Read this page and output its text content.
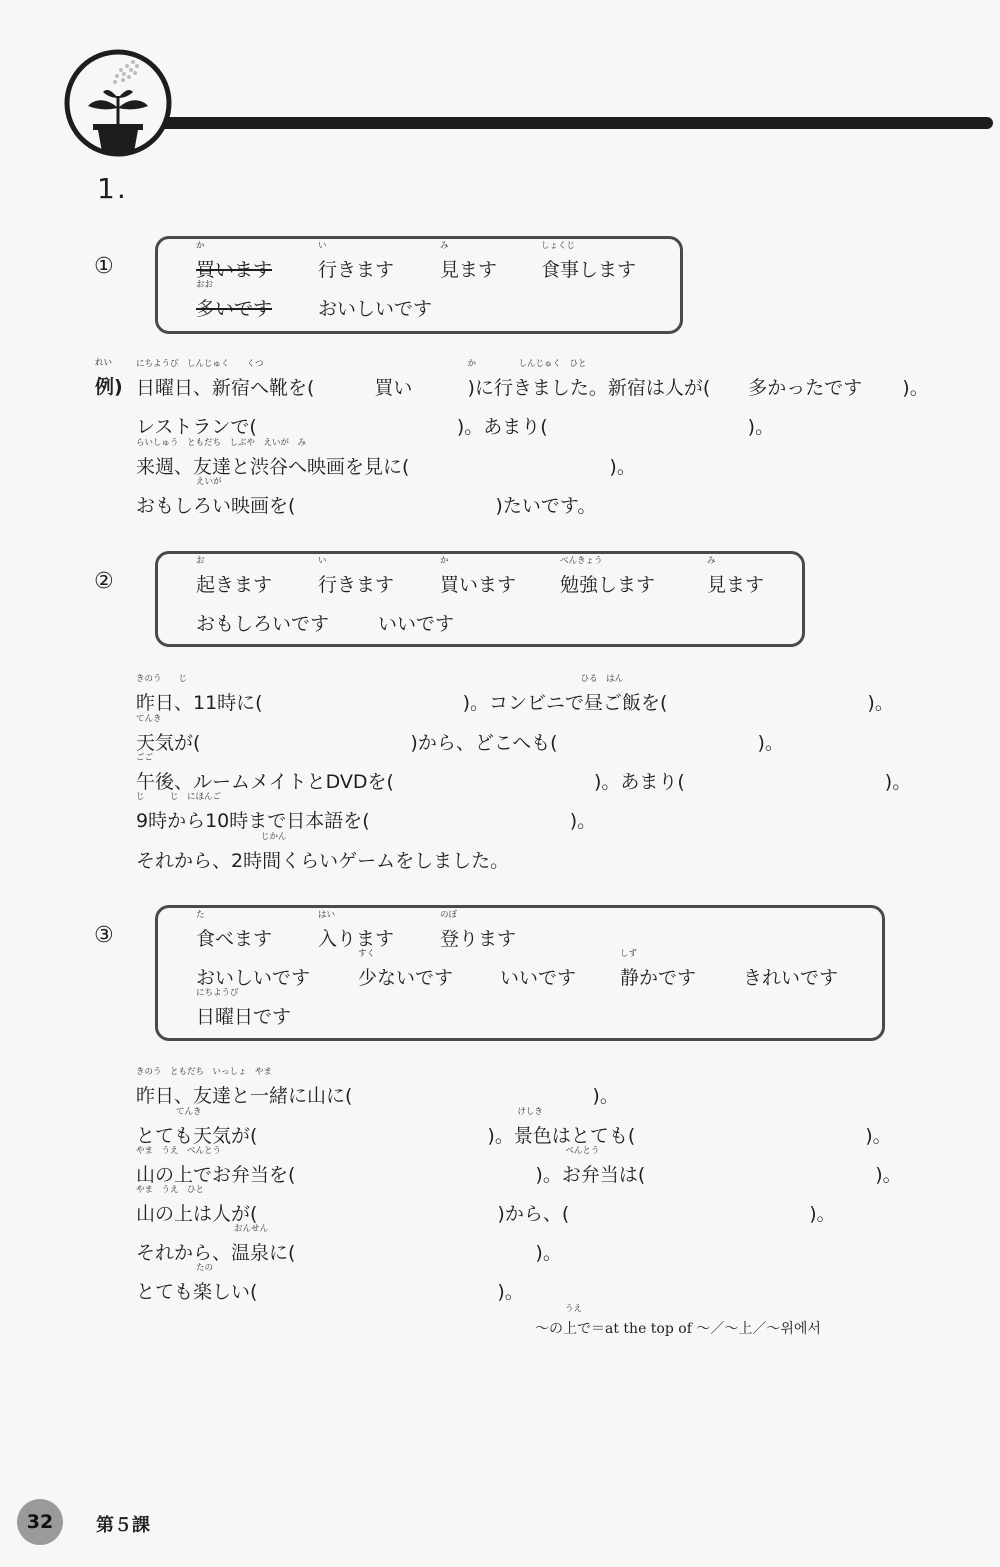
1.
①
か
買います
い
行きます
み
見ます
しょくじ
食事します
おお
多いです おいしいです
れい
例)
にちようび　しんじゅく　　くつ
日曜日、新宿へ靴を(	買い
か　　　　　しんじゅく　ひと
)に行きました。新宿は人が( 多かったです )。
レストランで(	)。あまり(	)。
らいしゅう　ともだち　しぶや　えいが　み
来週、友達と渋谷へ映画を見に(	)。
えいが
おもしろい映画を(	)たいです。
②
お
起きます
い
行きます
か
買います
べんきょう
勉強します
み
見ます
おもしろいです	いいです
きのう　　じ
昨日、11時に(
ひる　はん
)。コンビニで昼ご飯を(	)。
てんき
天気が(	)から、どこへも(	)。
ごご
午後、ルームメイトとDVDを(	)。あまり(	)。
じ　　　じ　にほんご
9時から10時まで日本語を(	)。
じかん
それから、2時間くらいゲームをしました。
③
た
食べます
はい
入ります
のぼ
登ります
おいしいです
すく
少ないです いいです
しず
静かです きれいです
にちようび
日曜日です
きのう　ともだち　いっしょ　やま
昨日、友達と一緒に山に(	)。
てんき
とても天気が(
けしき
)。景色はとても(	)。
やま　うえ　べんとう
山の上でお弁当を(
べんとう
)。お弁当は(	)。
やま　うえ　ひと
山の上は人が(	)から、(	)。
おんせん
それから、温泉に(	)。
たの
とても楽しい(	)。
うえ
～の上で＝at the top of ～／～上／～위에서
32	第５課
